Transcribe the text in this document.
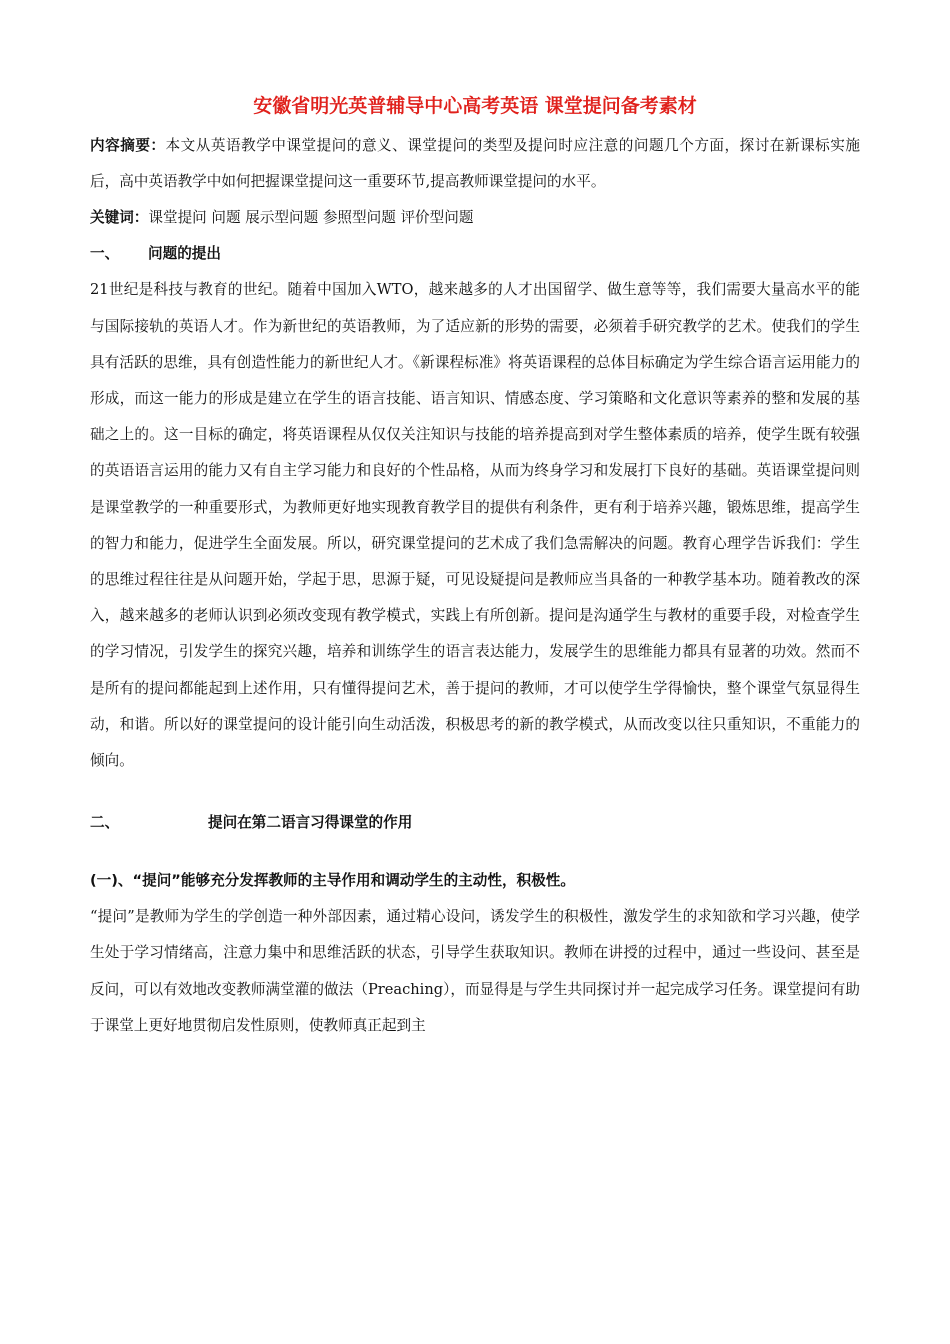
安徽省明光英普辅导中心高考英语 课堂提问备考素材

内容摘要：本文从英语教学中课堂提问的意义、课堂提问的类型及提问时应注意的问题几个方面，探讨在新课标实施后，高中英语教学中如何把握课堂提问这一重要环节,提高教师课堂提问的水平。

关键词：课堂提问 问题 展示型问题 参照型问题 评价型问题

一、	问题的提出

21世纪是科技与教育的世纪。随着中国加入WTO，越来越多的人才出国留学、做生意等等，我们需要大量高水平的能与国际接轨的英语人才。作为新世纪的英语教师，为了适应新的形势的需要，必须着手研究教学的艺术。使我们的学生具有活跃的思维，具有创造性能力的新世纪人才。《新课程标准》将英语课程的总体目标确定为学生综合语言运用能力的形成，而这一能力的形成是建立在学生的语言技能、语言知识、情感态度、学习策略和文化意识等素养的整和发展的基础之上的。这一目标的确定，将英语课程从仅仅关注知识与技能的培养提高到对学生整体素质的培养，使学生既有较强的英语语言运用的能力又有自主学习能力和良好的个性品格，从而为终身学习和发展打下良好的基础。英语课堂提问则是课堂教学的一种重要形式，为教师更好地实现教育教学目的提供有利条件，更有利于培养兴趣，锻炼思维，提高学生的智力和能力，促进学生全面发展。所以，研究课堂提问的艺术成了我们急需解决的问题。教育心理学告诉我们：学生的思维过程往往是从问题开始，学起于思，思源于疑，可见设疑提问是教师应当具备的一种教学基本功。随着教改的深入，越来越多的老师认识到必须改变现有教学模式，实践上有所创新。提问是沟通学生与教材的重要手段，对检查学生的学习情况，引发学生的探究兴趣，培养和训练学生的语言表达能力，发展学生的思维能力都具有显著的功效。然而不是所有的提问都能起到上述作用，只有懂得提问艺术，善于提问的教师，才可以使学生学得愉快，整个课堂气氛显得生动，和谐。所以好的课堂提问的设计能引向生动活泼，积极思考的新的教学模式，从而改变以往只重知识，不重能力的倾向。

二、	提问在第二语言习得课堂的作用
(一)、“提问”能够充分发挥教师的主导作用和调动学生的主动性，积极性。

“提问”是教师为学生的学创造一种外部因素，通过精心设问，诱发学生的积极性，激发学生的求知欲和学习兴趣，使学生处于学习情绪高，注意力集中和思维活跃的状态，引导学生获取知识。教师在讲授的过程中，通过一些设问、甚至是反问，可以有效地改变教师满堂灌的做法（Preaching），而显得是与学生共同探讨并一起完成学习任务。课堂提问有助于课堂上更好地贯彻启发性原则，使教师真正起到主
